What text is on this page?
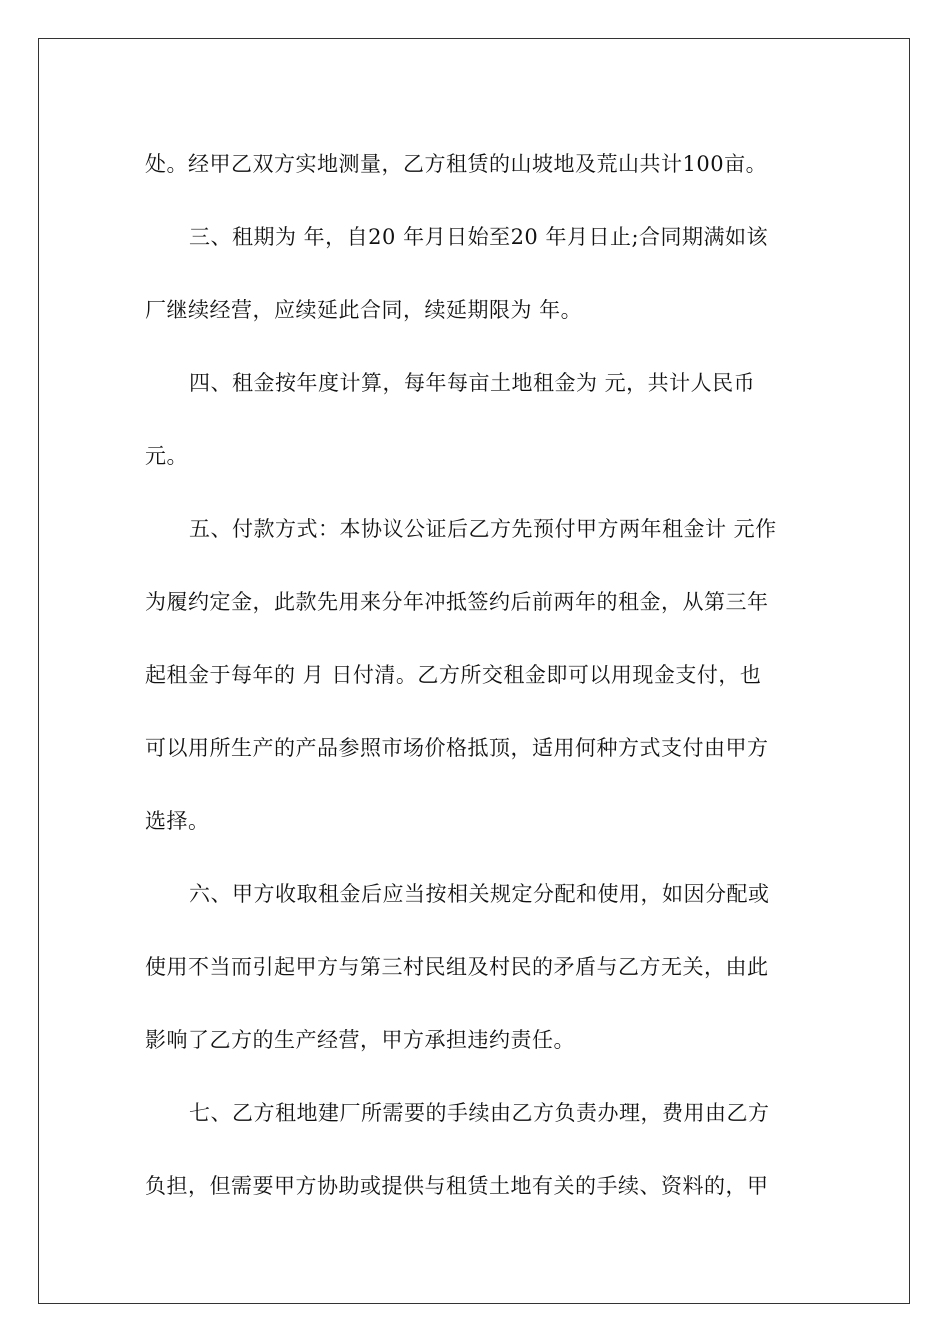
处。经甲乙双方实地测量，乙方租赁的山坡地及荒山共计100亩。
三、租期为 年，自20 年月日始至20 年月日止;合同期满如该
厂继续经营，应续延此合同，续延期限为 年。
四、租金按年度计算，每年每亩土地租金为 元，共计人民币
元。
五、付款方式：本协议公证后乙方先预付甲方两年租金计 元作
为履约定金，此款先用来分年冲抵签约后前两年的租金，从第三年
起租金于每年的 月 日付清。乙方所交租金即可以用现金支付，也
可以用所生产的产品参照市场价格抵顶，适用何种方式支付由甲方
选择。
六、甲方收取租金后应当按相关规定分配和使用，如因分配或
使用不当而引起甲方与第三村民组及村民的矛盾与乙方无关，由此
影响了乙方的生产经营，甲方承担违约责任。
七、乙方租地建厂所需要的手续由乙方负责办理，费用由乙方
负担，但需要甲方协助或提供与租赁土地有关的手续、资料的，甲
